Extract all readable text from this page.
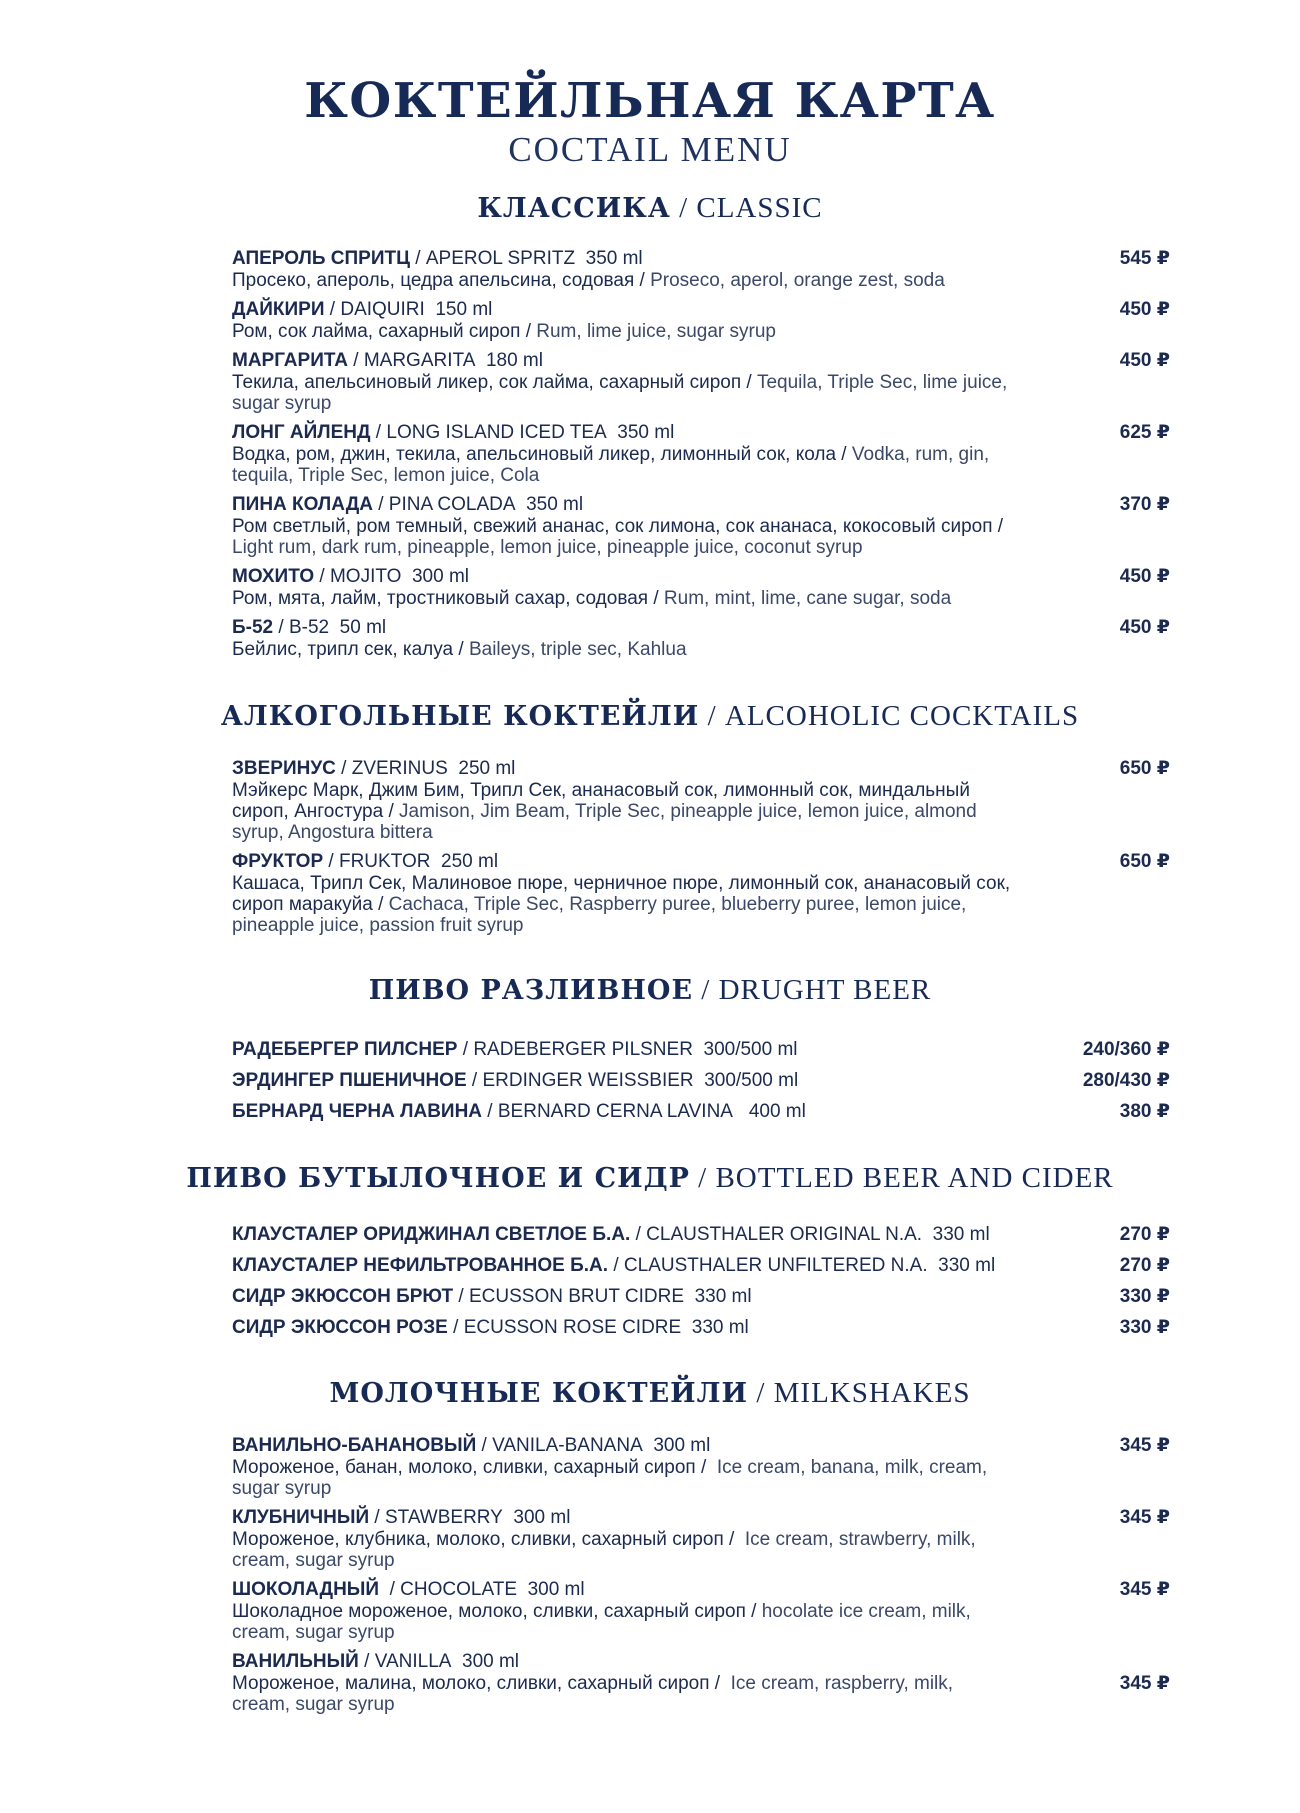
КОКТЕЙЛЬНАЯ КАРТА
COCTAIL MENU
КЛАССИКА / CLASSIC
АПЕРОЛЬ СПРИТЦ / APEROL SPRITZ 350 ml
Просеко, апероль, цедра апельсина, содовая / Proseco, aperol, orange zest, soda
545 ₽
ДАЙКИРИ / DAIQUIRI 150 ml
Ром, сок лайма, сахарный сироп / Rum, lime juice, sugar syrup
450 ₽
МАРГАРИТА / MARGARITA 180 ml
Текила, апельсиновый ликер, сок лайма, сахарный сироп / Tequila, Triple Sec, lime juice, sugar syrup
450 ₽
ЛОНГ АЙЛЕНД / LONG ISLAND ICED TEA 350 ml
Водка, ром, джин, текила, апельсиновый ликер, лимонный сок, кола / Vodka, rum, gin, tequila, Triple Sec, lemon juice, Cola
625 ₽
ПИНА КОЛАДА / PINA COLADA 350 ml
Ром светлый, ром темный, свежий ананас, сок лимона, сок ананаса, кокосовый сироп / Light rum, dark rum, pineapple, lemon juice, pineapple juice, coconut syrup
370 ₽
МОХИТО / MOJITO 300 ml
Ром, мята, лайм, тростниковый сахар, содовая / Rum, mint, lime, cane sugar, soda
450 ₽
Б-52 / B-52 50 ml
Бейлис, трипл сек, калуа / Baileys, triple sec, Kahlua
450 ₽
АЛКОГОЛЬНЫЕ КОКТЕЙЛИ / ALCOHOLIC COCKTAILS
ЗВЕРИНУС / ZVERINUS 250 ml
Мэйкерс Марк, Джим Бим, Трипл Сек, ананасовый сок, лимонный сок, миндальный сироп, Ангостура / Jamison, Jim Beam, Triple Sec, pineapple juice, lemon juice, almond syrup, Angostura bittera
650 ₽
ФРУКТОР / FRUKTOR 250 ml
Кашаса, Трипл Сек, Малиновое пюре, черничное пюре, лимонный сок, ананасовый сок, сироп маракуйа / Cachaca, Triple Sec, Raspberry puree, blueberry puree, lemon juice, pineapple juice, passion fruit syrup
650 ₽
ПИВО РАЗЛИВНОЕ / DRUGHT BEER
РАДЕБЕРГЕР ПИЛСНЕР / RADEBERGER PILSNER 300/500 ml	240/360 ₽
ЭРДИНГЕР ПШЕНИЧНОЕ / ERDINGER WEISSBIER 300/500 ml	280/430 ₽
БЕРНАРД ЧЕРНА ЛАВИНА / BERNARD CERNA LAVINA 400 ml	380 ₽
ПИВО БУТЫЛОЧНОЕ И СИДР / BOTTLED BEER AND CIDER
КЛАУСТАЛЕР ОРИДЖИНАЛ СВЕТЛОЕ Б.А. / CLAUSTHALER ORIGINAL N.A. 330 ml	270 ₽
КЛАУСТАЛЕР НЕФИЛЬТРОВАННОЕ Б.А. / CLAUSTHALER UNFILTERED N.A. 330 ml	270 ₽
СИДР ЭКЮССОН БРЮТ / ECUSSON BRUT CIDRE 330 ml	330 ₽
СИДР ЭКЮССОН РОЗЕ / ECUSSON ROSE CIDRE 330 ml	330 ₽
МОЛОЧНЫЕ КОКТЕЙЛИ / MILKSHAKES
ВАНИЛЬНО-БАНАНОВЫЙ / VANILA-BANANA 300 ml
Мороженое, банан, молоко, сливки, сахарный сироп /  Ice cream, banana, milk, cream, sugar syrup
345 ₽
КЛУБНИЧНЫЙ / STAWBERRY 300 ml
Мороженое, клубника, молоко, сливки, сахарный сироп /  Ice cream, strawberry, milk, cream, sugar syrup
345 ₽
ШОКОЛАДНЫЙ  / CHOCOLATE 300 ml
Шоколадное мороженое, молоко, сливки, сахарный сироп / hocolate ice cream, milk, cream, sugar syrup
345 ₽
ВАНИЛЬНЫЙ / VANILLA 300 ml
Мороженое, малина, молоко, сливки, сахарный сироп /  Ice cream, raspberry, milk, cream, sugar syrup
345 ₽
